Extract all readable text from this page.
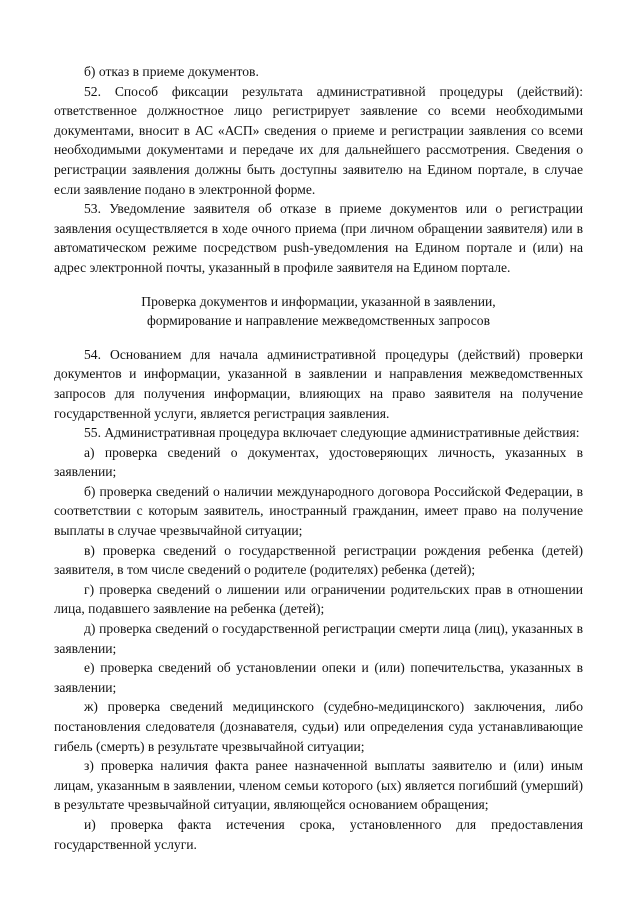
б) отказ в приеме документов.

52. Способ фиксации результата административной процедуры (действий): ответственное должностное лицо регистрирует заявление со всеми необходимыми документами, вносит в АС «АСП» сведения о приеме и регистрации заявления со всеми необходимыми документами и передаче их для дальнейшего рассмотрения. Сведения о регистрации заявления должны быть доступны заявителю на Едином портале, в случае если заявление подано в электронной форме.

53. Уведомление заявителя об отказе в приеме документов или о регистрации заявления осуществляется в ходе очного приема (при личном обращении заявителя) или в автоматическом режиме посредством push-уведомления на Едином портале и (или) на адрес электронной почты, указанный в профиле заявителя на Едином портале.

Проверка документов и информации, указанной в заявлении,
формирование и направление межведомственных запросов

54. Основанием для начала административной процедуры (действий) проверки документов и информации, указанной в заявлении и направления межведомственных запросов для получения информации, влияющих на право заявителя на получение государственной услуги, является регистрация заявления.

55. Административная процедура включает следующие административные действия:

а) проверка сведений о документах, удостоверяющих личность, указанных в заявлении;

б) проверка сведений о наличии международного договора Российской Федерации, в соответствии с которым заявитель, иностранный гражданин, имеет право на получение выплаты в случае чрезвычайной ситуации;

в) проверка сведений о государственной регистрации рождения ребенка (детей) заявителя, в том числе сведений о родителе (родителях) ребенка (детей);

г) проверка сведений о лишении или ограничении родительских прав в отношении лица, подавшего заявление на ребенка (детей);

д) проверка сведений о государственной регистрации смерти лица (лиц), указанных в заявлении;

е) проверка сведений об установлении опеки и (или) попечительства, указанных в заявлении;

ж) проверка сведений медицинского (судебно-медицинского) заключения, либо постановления следователя (дознавателя, судьи) или определения суда устанавливающие гибель (смерть) в результате чрезвычайной ситуации;

з) проверка наличия факта ранее назначенной выплаты заявителю и (или) иным лицам, указанным в заявлении, членом семьи которого (ых) является погибший (умерший) в результате чрезвычайной ситуации, являющейся основанием обращения;

и) проверка факта истечения срока, установленного для предоставления государственной услуги.
